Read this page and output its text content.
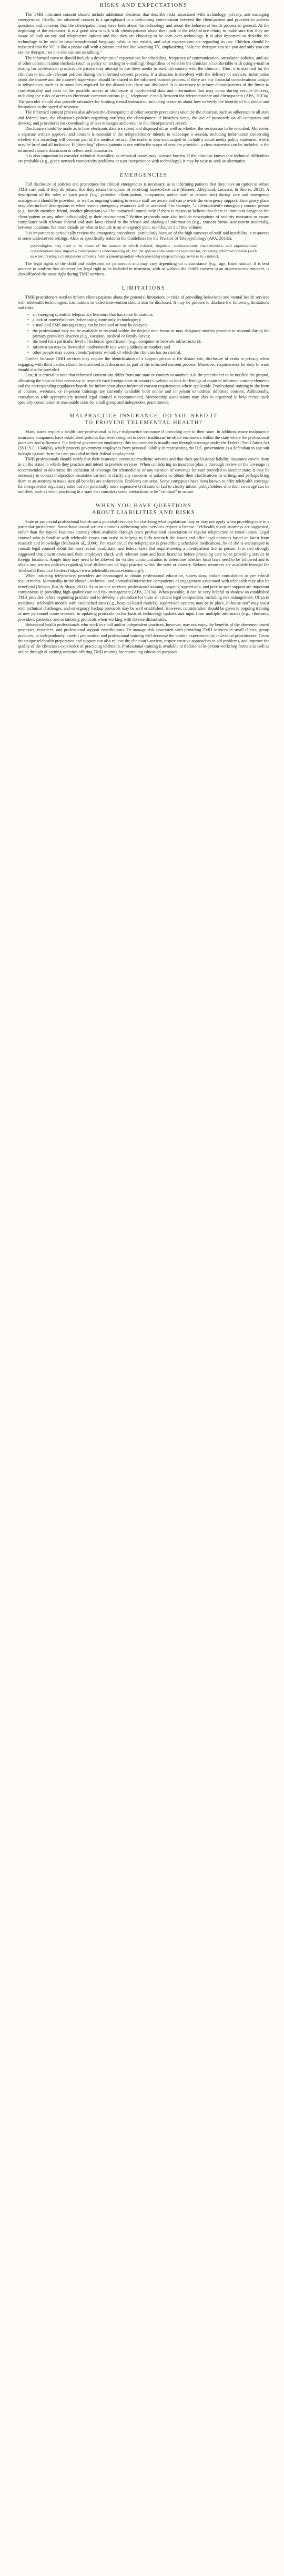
RISKS AND EXPECTATIONS

The TMH informed consent should include additional elements that describe risks associated with technology, privacy, and managing emergencies. Ideally, the informed consent is a springboard to a welcoming conversation between the client/patient and provider to address questions and concerns that the client/patient may have both about the technology and about the behavioral health process in general. At the beginning of the encounter, it is a good idea to talk with clients/patients about their path to the telepractice clinic, to make sure that they are aware of both on-site and telepractice options and that they are choosing to be seen over technology. It is also important to describe the technology to be used in easy-to-understand language, what to use emails, and what expectations are regarding its use. Children should be reassured that the VC is like a phone call with a picture and not like watching TV, emphasizing "only the therapist can see you and only you can see the therapist; no one else can see us talking."

The informed consent should include a description of expectations for scheduling, frequency of communication, attendance policies, and use of other communication methods (such as policy on texting or e-mailing). Regardless of whether the clinician is comfortable with using e-mail or texting for professional practice, the patient may attempt to use these media to establish contact with the clinician. Thus, it is essential for the clinician to include relevant policies during the informed consent process. If a situation is involved with the delivery of services, information about the trainee and the trainee's supervision should be shared in the informed consent process. If there are any financial considerations unique to telepractice, such as in-room fees required for the distant site, these are disclosed. It is necessary to inform clients/patients of the limits to confidentiality and risks to the possible access or disclosure of confidential data and information that may occur during service delivery, including the risks of access to electronic communications (e.g., telephone, e-mail) between the telepractitioner and client/patient (APA, 2013a). The provider should also provide rationales for limiting e-mail interaction, including concerns about how to verify the identity of the sender and limitations in the speed of response.

The informed consent process also advises the client/patient of other security precautions taken by the clinician, such as adherence to all state and federal laws, the clinician's policies regarding notifying the client/patient if breaches occur, the use of passwords on all computers and devices, and procedures for downloading of text messages and e-mail to the client/patient's record.

Disclosure should be made as to how electronic data are stored and disposed of, as well as whether the session are to be recorded. Moreover, a separate written approval and consent is essential if the telepractitioner intends to videotape a session, including information concerning whether this recording will become part of the medical record. The reader is also encouraged to include a social media policy statement, which may be brief and all inclusive. If "friending" clients/patients is not within the scope of services provided, a clear statement can be included in the informed consent discussion to reflect such boundaries.

It is also important to consider technical feasibility, as technical issues may increase burden. If the clinician knows that technical difficulties are probable (e.g., given network connectivity problems or user inexperience with technology), it may be wise to seek an alternative.

EMERGENCIES

Full disclosure of policies and procedures for clinical emergencies is necessary, as is informing patients that they have an option to refuse TMH care and, if they do refuse, that they retain the option of receiving face-to-face care (Barnett, Alleyhand, Lunasco, & Skorer, 2013). A description of the roles of each party (e.g., provider, client/patient, companion, and/or staff at remote site) during care and emergency management should be provided, as well as ongoing training to ensure staff are aware and can provide the emergency support. Emergency plans may also include descriptions of when remote emergency resources will be accessed. For example, "a client/patient's emergency contact person (e.g., family member, friend, another physician) will be contacted immediately if there is reason to believe that there is imminent danger to the client/patient or any other individual(s) in their environment." Written protocols may also include descriptions of security measures to assure compliance with relevant federal and state laws related to the release and sharing of information (e.g., consent forms, assessment materials), between locations, but more details on what to include in an emergency plan, see Chapter 5 of this volume.

It is important to periodically review the emergency procedures, particularly because of the high turnover of staff and instability in resources in some underserved settings. Also, as specifically stated in the Guidelines for the Practice of Telepsychology (APA, 2013a),

psychologists may need to be aware of the manner in which cultural, linguistic, socioeconomic characteristics, and organizational considerations may impact a client/patient's understanding of, and the special considerations required for, obtaining informed consent (such as when treating a client/patient remotely from a parent/guardian when providing telepsychology services to a minor).

The legal rights of the child and adolescent are paramount and may vary depending on circumstance (e.g., age, foster status). It is best practice to confirm that whoever has legal right to be included in treatment, with or without the child's consent to an in-person environment, is also afforded the same right during TMH services.

LIMITATIONS

TMH practitioners need to inform clients/patients about the potential limitations or risks of providing behavioral and mental health services with telehealth technologies. Limitations to video intervention should also be disclosed. It may be prudent to disclose the following limitations and risks:

• an emerging scientific telepractice literature that has some limitations;
• a lack of nonverbal cues (when using some only technologies);
• e-mail and SMS messages may not be received or may be delayed;
• the professional may not be available to respond within the desired time frame or may designate another provider to respond during the primary provider's absence (e.g., vacation, medical or family leave);
• the need for a particular level of technical specification (e.g., computer or network infrastructure);
• information may be forwarded inadvertently to a wrong address or number; and
• other people may access clients'/patients' e-mail, of which the clinician has no control.

Further, because TMH services may require the identification of a support person at the distant site, disclosure of visits to privacy when engaging with third parties should be disclosed and discussed as part of the informed consent process. Moreover, requirements for duty to warn should also be provided.

Last, it is crucial to note that informed consent can differ from one state or country to another. Ask the practitioner to be notified the ground, allocating the hour or fees necessary to research each foreign state or country's website to look for listings of required informed consent elements and the corresponding regulatory boards for information about informed consent requirements where applicable. Professional training in the form of courses, webinars, or in-person trainings are currently available both online and in person to address informed consent. Additionally, consultation with appropriately trained legal counsel is recommended. Membership associations may also be organized to help recruit such specialty consultation at reasonable costs for small group and independent practitioners.

MALPRACTICE INSURANCE: DO YOU NEED IT
TO PROVIDE TELEMENTAL HEALTH?

Many states require a health care professional to have malpractice insurance if providing care in their state. In addition, many malpractice insurance companies have established policies that were designed to cover traditional in-office encounters within the state where the professional practices and is licensed. For federal government employees, this requirement is usually met through coverage under the Federal Tort Claims Act (28 U.S.C. 1346(b)), which protects government employees from personal liability in representing the U.S. government as a defendant in any suit brought against them for care provided in their federal employment.

TMH professionals should verify that their insurance covers telemedicine services and that their professional liability insurance covers them in all the states in which they practice and intend to provide services. When considering an insurance plan, a thorough review of the coverage is recommended to determine the inclusion of coverage for telemedicine or any mention of coverage for care provided to another state. It may be necessary to contact malpractice insurance carriers to clarify any concerns or unknowns, obtain their clarifications in writing, and perhaps bring them to an attorney to make sure all benefits are enforceable. Problems can arise. Some companies have been known to offer telehealth coverage for interprovider regulatory rules but not potentially more expensive civil suits or fail to clearly inform policyholders who their coverage can be nullified, such as when practicing in a state that considers some interactions to be "criminal" in nature.

WHEN YOU HAVE QUESTIONS
ABOUT LIABILITIES AND RISKS

State or provincial professional boards are a potential resource for clarifying what regulations may or may not apply when providing care in a particular jurisdiction. Some have issued written opinions addressing what services require a license. Telehealth savvy attorneys are suggested, rather than the typical business attorney often available through one's professional association or regular telepractice or rental leases. Legal counsel who is familiar with telehealth issues can assist in helping to fully research the issues and offer legal opinions based on latest from research and knowledge (Maheu et al., 2004). For example, if the telepractice is prescribing scheduled medications, he or she is encouraged to consult legal counsel about the most recent local, state, and federal laws that require seeing a client/patient first in person. It is also strongly suggested that practitioners and their employers check with relevant state and local branches before providing care when providing service in foreign locations. Ample time may need to be allowed for written communication to determine whether local laws need to be followed and to obtain any written policies regarding local differences of legal practice within the state or country. Related resources are available through the Telehealth Resource Centers (https://www.telehealthresourcecenter.org/).

When initiating telepractice, providers are encouraged to obtain professional education, supervision, and/or consultation as per ethical requirements. Mentorship in the clinical, technical, and nonverbal/interactive components of engagement associated with telehealth may also be beneficial (Nelson, Bui, & Sharp, 2011). As in on-site services, professional training, ongoing supervision, and peer-to-peer support are important components in providing high-quality care and risk management (APA, 2013a). When possible, it can be very helpful to shadow an established TMH provider before beginning practice and to develop a procedure for these all critical legal components, including risk management. Often in traditional telehealth models with established sites (e.g., hospital-based models), supervision systems may be in place, in-house staff may assist with technical challenges, and emergency backup protocols may be well established. However, consideration should be given to ongoing training as new personnel come onboard, to updating protocols on the basis of technology updates and input from multiple informants (e.g., clinicians, providers, patients), and to tailoring protocols when working with diverse distant sites.

Behavioral health professionals who work in small and/or independent practices, however, may not enjoy the benefits of the abovementioned processes, resources, and professional support contributions. To manage risk associated with providing TMH services in small clinics, group practices, or independently, careful preparation and professional training will decrease the burden experienced by individual practitioners. Given the unique telehealth preparation and support can also relieve the clinician's anxiety, inspire creative approaches to old problems, and improve the quality of the clinician's experience of practicing telehealth. Professional training is available in traditional in-person workshop formats as well as online through eLearning websites offering TMH training for continuing education purposes.
